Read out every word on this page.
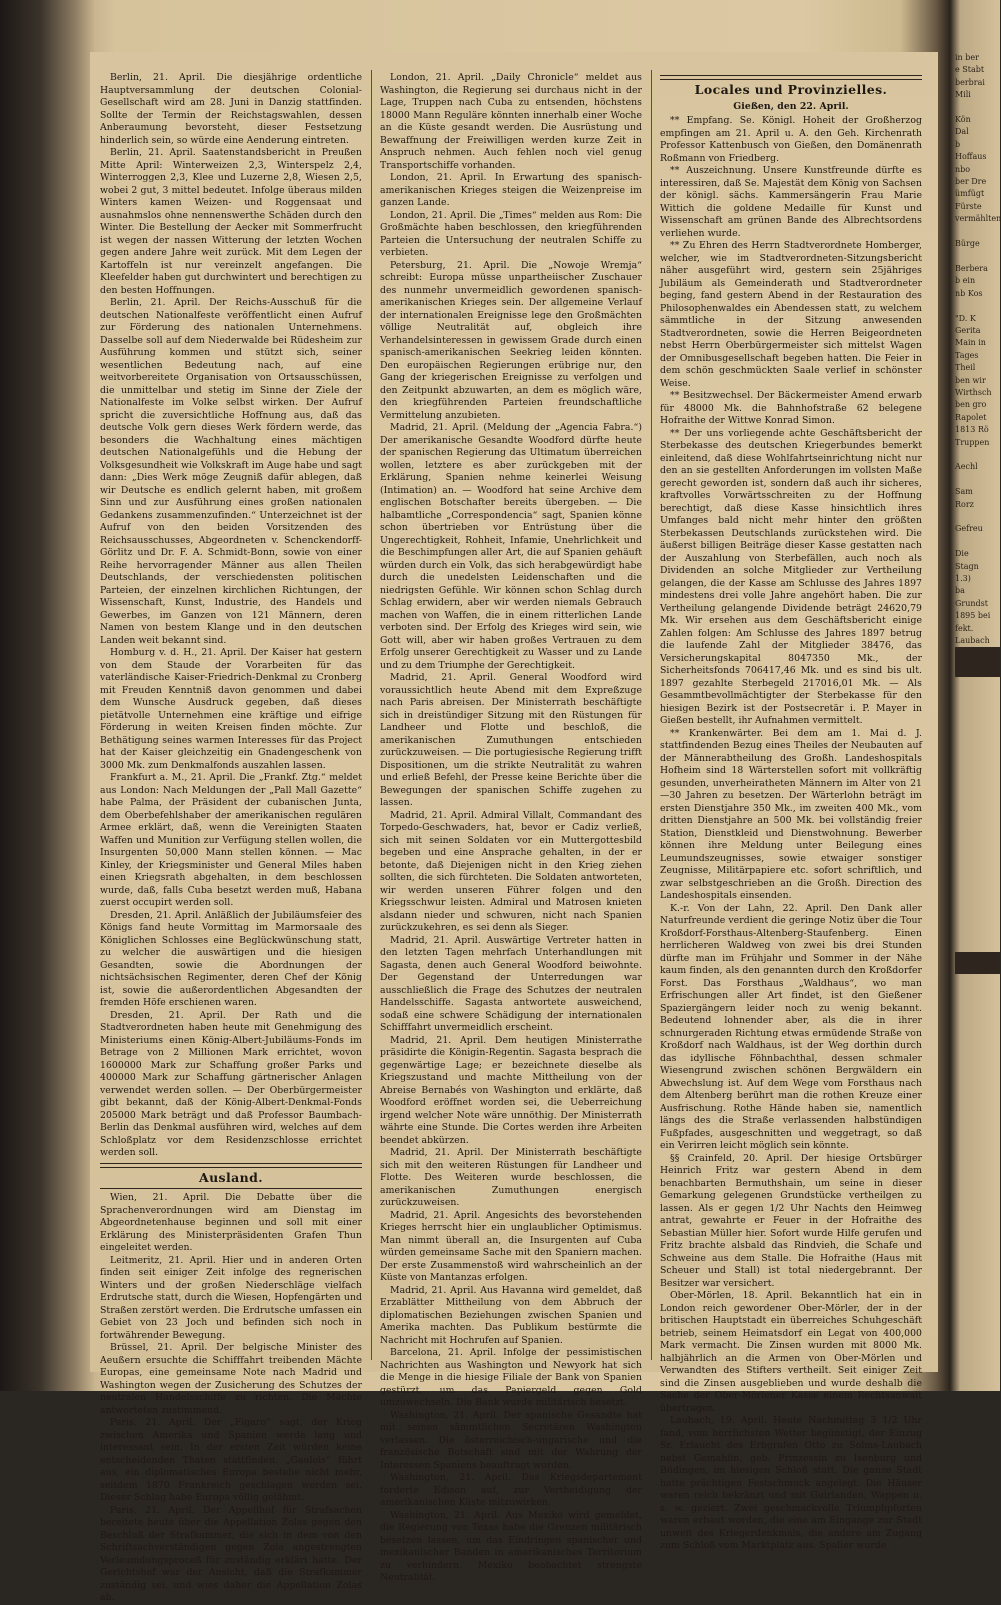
Berlin, 21. April. Die diesjährige ordentliche Hauptversammlung der deutschen Colonial-Gesellschaft wird am 28. Juni in Danzig stattfinden. Sollte der Termin der Reichstagswahlen, dessen Anberaumung bevorsteht, dieser Festsetzung hinderlich sein, so würde eine Aenderung eintreten.

Berlin, 21. April. Saatenstandsbericht in Preußen Mitte April: Winterweizen 2,3, Winterspelz 2,4, Winterroggen 2,3, Klee und Luzerne 2,8, Wiesen 2,5, wobei 2 gut, 3 mittel bedeutet. Infolge überaus milden Winters kamen Weizen- und Roggensaat und ausnahmslos ohne nennenswerthe Schäden durch den Winter. Die Bestellung der Aecker mit Sommerfrucht ist wegen der nassen Witterung der letzten Wochen gegen andere Jahre weit zurück. Mit dem Legen der Kartoffeln ist nur vereinzelt angefangen. Die Kleefelder haben gut durchwintert und berechtigen zu den besten Hoffnungen.

Berlin, 21. April. Der Reichs-Ausschuß für die deutschen Nationalfeste veröffentlicht einen Aufruf zur Förderung des nationalen Unternehmens. Dasselbe soll auf dem Niederwalde bei Rüdesheim zur Ausführung kommen und stützt sich, seiner wesentlichen Bedeutung nach, auf eine weitvorbereitete Organisation von Ortsausschüssen, die unmittelbar und stetig im Sinne der Ziele der Nationalfeste im Volke selbst wirken. Der Aufruf spricht die zuversichtliche Hoffnung aus, daß das deutsche Volk gern dieses Werk fördern werde, das besonders die Wachhaltung eines mächtigen deutschen Nationalgefühls und die Hebung der Volksgesundheit wie Volkskraft im Auge habe und sagt dann: „Dies Werk möge Zeugniß dafür ablegen, daß wir Deutsche es endlich gelernt haben, mit großem Sinn und zur Ausführung eines großen nationalen Gedankens zusammenzufinden.“ Unterzeichnet ist der Aufruf von den beiden Vorsitzenden des Reichsausschusses, Abgeordneten v. Schenckendorff-Görlitz und Dr. F. A. Schmidt-Bonn, sowie von einer Reihe hervorragender Männer aus allen Theilen Deutschlands, der verschiedensten politischen Parteien, der einzelnen kirchlichen Richtungen, der Wissenschaft, Kunst, Industrie, des Handels und Gewerbes, im Ganzen von 121 Männern, deren Namen von bestem Klange und in den deutschen Landen weit bekannt sind.

Homburg v. d. H., 21. April. Der Kaiser hat gestern von dem Staude der Vorarbeiten für das vaterländische Kaiser-Friedrich-Denkmal zu Cronberg mit Freuden Kenntniß davon genommen und dabei dem Wunsche Ausdruck gegeben, daß dieses pietätvolle Unternehmen eine kräftige und eifrige Förderung in weiten Kreisen finden möchte. Zur Bethätigung seines warmen Interesses für das Project hat der Kaiser gleichzeitig ein Gnadengeschenk von 3000 Mk. zum Denkmalfonds auszahlen lassen.

Frankfurt a. M., 21. April. Die „Frankf. Ztg.“ meldet aus London: Nach Meldungen der „Pall Mall Gazette“ habe Palma, der Präsident der cubanischen Junta, dem Oberbefehlshaber der amerikanischen regulären Armee erklärt, daß, wenn die Vereinigten Staaten Waffen und Munition zur Verfügung stellen wollen, die Insurgenten 50,000 Mann stellen können. — Mac Kinley, der Kriegsminister und General Miles haben einen Kriegsrath abgehalten, in dem beschlossen wurde, daß, falls Cuba besetzt werden muß, Habana zuerst occupirt werden soll.

Dresden, 21. April. Anläßlich der Jubiläumsfeier des Königs fand heute Vormittag im Marmorsaale des Königlichen Schlosses eine Beglückwünschung statt, zu welcher die auswärtigen und die hiesigen Gesandten, sowie die Abordnungen der nichtsächsischen Regimenter, deren Chef der König ist, sowie die außerordentlichen Abgesandten der fremden Höfe erschienen waren.

Dresden, 21. April. Der Rath und die Stadtverordneten haben heute mit Genehmigung des Ministeriums einen König-Albert-Jubiläums-Fonds im Betrage von 2 Millionen Mark errichtet, wovon 1600000 Mark zur Schaffung großer Parks und 400000 Mark zur Schaffung gärtnerischer Anlagen verwendet werden sollen. — Der Oberbürgermeister gibt bekannt, daß der König-Albert-Denkmal-Fonds 205000 Mark beträgt und daß Professor Baumbach-Berlin das Denkmal ausführen wird, welches auf dem Schloßplatz vor dem Residenzschlosse errichtet werden soll.

Ausland.

Wien, 21. April. Die Debatte über die Sprachenverordnungen wird am Dienstag im Abgeordnetenhause beginnen und soll mit einer Erklärung des Ministerpräsidenten Grafen Thun eingeleitet werden.

Leitmeritz, 21. April. Hier und in anderen Orten finden seit einiger Zeit infolge des regnerischen Winters und der großen Niederschläge vielfach Erdrutsche statt, durch die Wiesen, Hopfengärten und Straßen zerstört werden. Die Erdrutsche umfassen ein Gebiet von 23 Joch und befinden sich noch in fortwährender Bewegung.

Brüssel, 21. April. Der belgische Minister des Aeußern ersuchte die Schifffahrt treibenden Mächte Europas, eine gemeinsame Note nach Madrid und Washington wegen der Zusicherung des Schutzes der neutralen Handelsschiffe zu richten. Die Mächte antworteten zustimmend.

Paris, 21. April. Der „Figaro“ sagt, der Krieg zwischen Amerika und Spanien werde lang und interessant sein. In der ersten Zeit würden keine entscheidenden Thaten stattfinden. „Gaulois“ führt aus, ein diplomatisches Europa bestehe nicht mehr, seitdem 1870 Frankreich geschlagen worden sei. Dieser Schlag habe Europa völlig gelähmt.

Paris, 21. April. Der Appellhof für Strafsachen bereitete heute über die Appellation Zolas gegen den Beschluß der Strafkammer, die sich in dem von den Schriftsachverständigen gegen Zola angestrengten Verleumdungsproceß für zuständig erklärt hatte. Der Gerichtshof war der Ansicht, daß die Strafkammer zuständig sei, und wies daher die Appellation Zolas ab.

London, 21. April. „Daily Chronicle“ meldet aus Washington, die Regierung sei durchaus nicht in der Lage, Truppen nach Cuba zu entsenden, höchstens 18000 Mann Reguläre könnten innerhalb einer Woche an die Küste gesandt werden. Die Ausrüstung und Bewaffnung der Freiwilligen werden kurze Zeit in Anspruch nehmen. Auch fehlen noch viel genug Transportschiffe vorhanden.

London, 21. April. In Erwartung des spanisch-amerikanischen Krieges steigen die Weizenpreise im ganzen Lande.

London, 21. April. Die „Times“ melden aus Rom: Die Großmächte haben beschlossen, den kriegführenden Parteien die Untersuchung der neutralen Schiffe zu verbieten.

Petersburg, 21. April. Die „Nowoje Wremja“ schreibt: Europa müsse unpartheiischer Zuschauer des nunmehr unvermeidlich gewordenen spanisch-amerikanischen Krieges sein. Der allgemeine Verlauf der internationalen Ereignisse lege den Großmächten völlige Neutralität auf, obgleich ihre Verhandelsinteressen in gewissem Grade durch einen spanisch-amerikanischen Seekrieg leiden könnten. Den europäischen Regierungen erübrige nur, den Gang der kriegerischen Ereignisse zu verfolgen und den Zeitpunkt abzuwarten, an dem es möglich wäre, den kriegführenden Parteien freundschaftliche Vermittelung anzubieten.

Madrid, 21. April. (Meldung der „Agencia Fabra.“) Der amerikanische Gesandte Woodford dürfte heute der spanischen Regierung das Ultimatum überreichen wollen, letztere es aber zurückgeben mit der Erklärung, Spanien nehme keinerlei Weisung (Intimation) an. — Woodford hat seine Archive dem englischen Botschafter bereits übergeben. — Die halbamtliche „Correspondencia“ sagt, Spanien könne schon übertrieben vor Entrüstung über die Ungerechtigkeit, Rohheit, Infamie, Unehrlichkeit und die Beschimpfungen aller Art, die auf Spanien gehäuft würden durch ein Volk, das sich herabgewürdigt habe durch die unedelsten Leidenschaften und die niedrigsten Gefühle. Wir können schon Schlag durch Schlag erwidern, aber wir werden niemals Gebrauch machen von Waffen, die in einem ritterlichen Lande verboten sind. Der Erfolg des Krieges wird sein, wie Gott will, aber wir haben großes Vertrauen zu dem Erfolg unserer Gerechtigkeit zu Wasser und zu Lande und zu dem Triumphe der Gerechtigkeit.

Madrid, 21. April. General Woodford wird voraussichtlich heute Abend mit dem Expreßzuge nach Paris abreisen. Der Ministerrath beschäftigte sich in dreistündiger Sitzung mit den Rüstungen für Landheer und Flotte und beschloß, die amerikanischen Zumuthungen entschieden zurückzuweisen. — Die portugiesische Regierung trifft Dispositionen, um die strikte Neutralität zu wahren und erließ Befehl, der Presse keine Berichte über die Bewegungen der spanischen Schiffe zugehen zu lassen.

Madrid, 21. April. Admiral Villalt, Commandant des Torpedo-Geschwaders, hat, bevor er Cadiz verließ, sich mit seinen Soldaten vor ein Muttergottesbild begeben und eine Ansprache gehalten, in der er betonte, daß Diejenigen nicht in den Krieg ziehen sollten, die sich fürchteten. Die Soldaten antworteten, wir werden unseren Führer folgen und den Kriegsschwur leisten. Admiral und Matrosen knieten alsdann nieder und schwuren, nicht nach Spanien zurückzukehren, es sei denn als Sieger.

Madrid, 21. April. Auswärtige Vertreter hatten in den letzten Tagen mehrfach Unterhandlungen mit Sagasta, denen auch General Woodford beiwohnte. Der Gegenstand der Unterredungen war ausschließlich die Frage des Schutzes der neutralen Handelsschiffe. Sagasta antwortete ausweichend, sodaß eine schwere Schädigung der internationalen Schifffahrt unvermeidlich erscheint.

Madrid, 21. April. Dem heutigen Ministerrathe präsidirte die Königin-Regentin. Sagasta besprach die gegenwärtige Lage; er bezeichnete dieselbe als Kriegszustand und machte Mittheilung von der Abreise Bernabés von Washington und erklärte, daß Woodford eröffnet worden sei, die Ueberreichung irgend welcher Note wäre unnöthig. Der Ministerrath währte eine Stunde. Die Cortes werden ihre Arbeiten beendet abkürzen.

Madrid, 21. April. Der Ministerrath beschäftigte sich mit den weiteren Rüstungen für Landheer und Flotte. Des Weiteren wurde beschlossen, die amerikanischen Zumuthungen energisch zurückzuweisen.

Madrid, 21. April. Angesichts des bevorstehenden Krieges herrscht hier ein unglaublicher Optimismus. Man nimmt überall an, die Insurgenten auf Cuba würden gemeinsame Sache mit den Spaniern machen. Der erste Zusammenstoß wird wahrscheinlich an der Küste von Mantanzas erfolgen.

Madrid, 21. April. Aus Havanna wird gemeldet, daß Erzablätter Mittheilung von dem Abbruch der diplomatischen Beziehungen zwischen Spanien und Amerika machten. Das Publikum bestürmte die Nachricht mit Hochrufen auf Spanien.

Barcelona, 21. April. Infolge der pessimistischen Nachrichten aus Washington und Newyork hat sich die Menge in die hiesige Filiale der Bank von Spanien gestürzt, um das Papiergeld gegen Gold umzuwechseln. Die Bank wurde militärisch besetzt.

Washington, 21. April. Der spanische Gesandte hat mit seinen sämmtlichen Secretären Washington verlassen. Die österreichisch-ungarische und die französische Botschaft sind mit der Wahrung der Interessen Spaniens beauftragt worden.

Washington, 21. April. Das Kriegsdepartement forderte Edison auf, zur Vertheidigung der amerikanischen Küste mitzuwirken.

Washington, 21. April. Aus Mexiko wird gemeldet, die Regierung von Texas habe die Grenzen militärisch besetzen lassen, um das Eindringen spanischer und mexikanischer Banden in amerikanisches Territorium zu verhindern. Mexiko beobachtet strengste Neutralität.

Locales und Provinzielles.
Gießen, den 22. April.

** Empfang. Se. Königl. Hoheit der Großherzog empfingen am 21. April u. A. den Geh. Kirchenrath Professor Kattenbusch von Gießen, den Domänenrath Roßmann von Friedberg.

** Auszeichnung. Unsere Kunstfreunde dürfte es interessiren, daß Se. Majestät dem König von Sachsen der königl. sächs. Kammersängerin Frau Marie Wittich die goldene Medaille für Kunst und Wissenschaft am grünen Bande des Albrechtsordens verliehen wurde.

** Zu Ehren des Herrn Stadtverordnete Homberger, welcher, wie im Stadtverordneten-Sitzungsbericht näher ausgeführt wird, gestern sein 25jähriges Jubiläum als Gemeinderath und Stadtverordneter beging, fand gestern Abend in der Restauration des Philosophenwaldes ein Abendessen statt, zu welchem sämmtliche in der Sitzung anwesenden Stadtverordneten, sowie die Herren Beigeordneten nebst Herrn Oberbürgermeister sich mittelst Wagen der Omnibusgesellschaft begeben hatten. Die Feier in dem schön geschmückten Saale verlief in schönster Weise.

** Besitzwechsel. Der Bäckermeister Amend erwarb für 48000 Mk. die Bahnhofstraße 62 belegene Hofraithe der Wittwe Konrad Simon.

** Der uns vorliegende achte Geschäftsbericht der Sterbekasse des deutschen Kriegerbundes bemerkt einleitend, daß diese Wohlfahrtseinrichtung nicht nur den an sie gestellten Anforderungen im vollsten Maße gerecht geworden ist, sondern daß auch ihr sicheres, kraftvolles Vorwärtsschreiten zu der Hoffnung berechtigt, daß diese Kasse hinsichtlich ihres Umfanges bald nicht mehr hinter den größten Sterbekassen Deutschlands zurückstehen wird. Die äußerst billigen Beiträge dieser Kasse gestatten nach der Auszahlung von Sterbefällen, auch noch als Dividenden an solche Mitglieder zur Vertheilung gelangen, die der Kasse am Schlusse des Jahres 1897 mindestens drei volle Jahre angehört haben. Die zur Vertheilung gelangende Dividende beträgt 24620,79 Mk. Wir ersehen aus dem Geschäftsbericht einige Zahlen folgen: Am Schlusse des Jahres 1897 betrug die laufende Zahl der Mitglieder 38476, das Versicherungskapital 8047350 Mk., der Sicherheitsfonds 706417,46 Mk. und es sind bis ult. 1897 gezahlte Sterbegeld 217016,01 Mk. — Als Gesammtbevollmächtigter der Sterbekasse für den hiesigen Bezirk ist der Postsecretär i. P. Mayer in Gießen bestellt, ihr Aufnahmen vermittelt.

** Krankenwärter. Bei dem am 1. Mai d. J. stattfindenden Bezug eines Theiles der Neubauten auf der Männerabtheilung des Großh. Landeshospitals Hofheim sind 18 Wärterstellen sofort mit vollkräftig gesunden, unverheiratheten Männern im Alter von 21—30 Jahren zu besetzen. Der Wärterlohn beträgt im ersten Dienstjahre 350 Mk., im zweiten 400 Mk., vom dritten Dienstjahre an 500 Mk. bei vollständig freier Station, Dienstkleid und Dienstwohnung. Bewerber können ihre Meldung unter Beilegung eines Leumundszeugnisses, sowie etwaiger sonstiger Zeugnisse, Militärpapiere etc. sofort schriftlich, und zwar selbstgeschrieben an die Großh. Direction des Landeshospitals einsenden.

K.-r. Von der Lahn, 22. April. Den Dank aller Naturfreunde verdient die geringe Notiz über die Tour Kroßdorf-Forsthaus-Altenberg-Staufenberg. Einen herrlicheren Waldweg von zwei bis drei Stunden dürfte man im Frühjahr und Sommer in der Nähe kaum finden, als den genannten durch den Kroßdorfer Forst. Das Forsthaus „Waldhaus“, wo man Erfrischungen aller Art findet, ist den Gießener Spaziergängern leider noch zu wenig bekannt. Bedeutend lohnender aber, als die in ihrer schnurgeraden Richtung etwas ermüdende Straße von Kroßdorf nach Waldhaus, ist der Weg dorthin durch das idyllische Föhnbachthal, dessen schmaler Wiesengrund zwischen schönen Bergwäldern ein Abwechslung ist. Auf dem Wege vom Forsthaus nach dem Altenberg berührt man die rothen Kreuze einer Ausfrischung. Rothe Hände haben sie, namentlich längs des die Straße verlassenden halbstündigen Fußpfades, ausgeschnitten und weggetragt, so daß ein Verirren leicht möglich sein könnte.

§§ Crainfeld, 20. April. Der hiesige Ortsbürger Heinrich Fritz war gestern Abend in dem benachbarten Bermuthshain, um seine in dieser Gemarkung gelegenen Grundstücke vertheilgen zu lassen. Als er gegen 1/2 Uhr Nachts den Heimweg antrat, gewahrte er Feuer in der Hofraithe des Sebastian Müller hier. Sofort wurde Hilfe gerufen und Fritz brachte alsbald das Rindvieh, die Schafe und Schweine aus dem Stalle. Die Hofraithe (Haus mit Scheuer und Stall) ist total niedergebrannt. Der Besitzer war versichert.

Ober-Mörlen, 18. April. Bekanntlich hat ein in London reich gewordener Ober-Mörler, der in der britischen Hauptstadt ein überreiches Schuhgeschäft betrieb, seinem Heimatsdorf ein Legat von 400,000 Mark vermacht. Die Zinsen wurden mit 8000 Mk. halbjährlich an die Armen von Ober-Mörlen und Verwandten des Stifters vertheilt. Seit einiger Zeit sind die Zinsen ausgeblieben und wurde deshalb die Sache der Ober-Mörlener Kasse einem Rechtsanwalt übertragen.

Laubach, 19. April. Heute Nachmittag 3 1/2 Uhr fand, vom herrlichsten Wetter begünstigt, der Einzug Sr. Erlaucht des Erbgrafen Otto zu Solms-Laubach nebst Gemahlin, geb. Prinzessin zu Isenburg und Büdingen, im hiesigen Schloß statt. Die ganze Stadt hatte prächtigen Festschmuck angelegt. Die Häuser waren reich bekränzt und mit Guirlanden, Wappen u. s. w. geziert. Zwei geschmackvolle Triumphpforten waren erbaut worden, die eine am Eingange zur Stadt unweit des Kriegerdenkmals, die andere am Zugang zum Schloß vom Marktplatz aus. Spalier wurde

in ber
e Stabt
berbrai
Mili

Kön
Dal
b
Hoffaus
nbo
ber Dre
ümfügt
Fürste
vermählten

Bürge

Berbera
b ein
nb Kos

"D. K
Gerita
Main in
Tages
Theil
ben wir
Wirthsch
ben gro
Rapolet
1813 Rö
Truppen

Aechl

Sam
Rorz

Gefreu

Die
Stagn
1.3)
ba
Grundst
1895 bei
fekt.
Laubach
